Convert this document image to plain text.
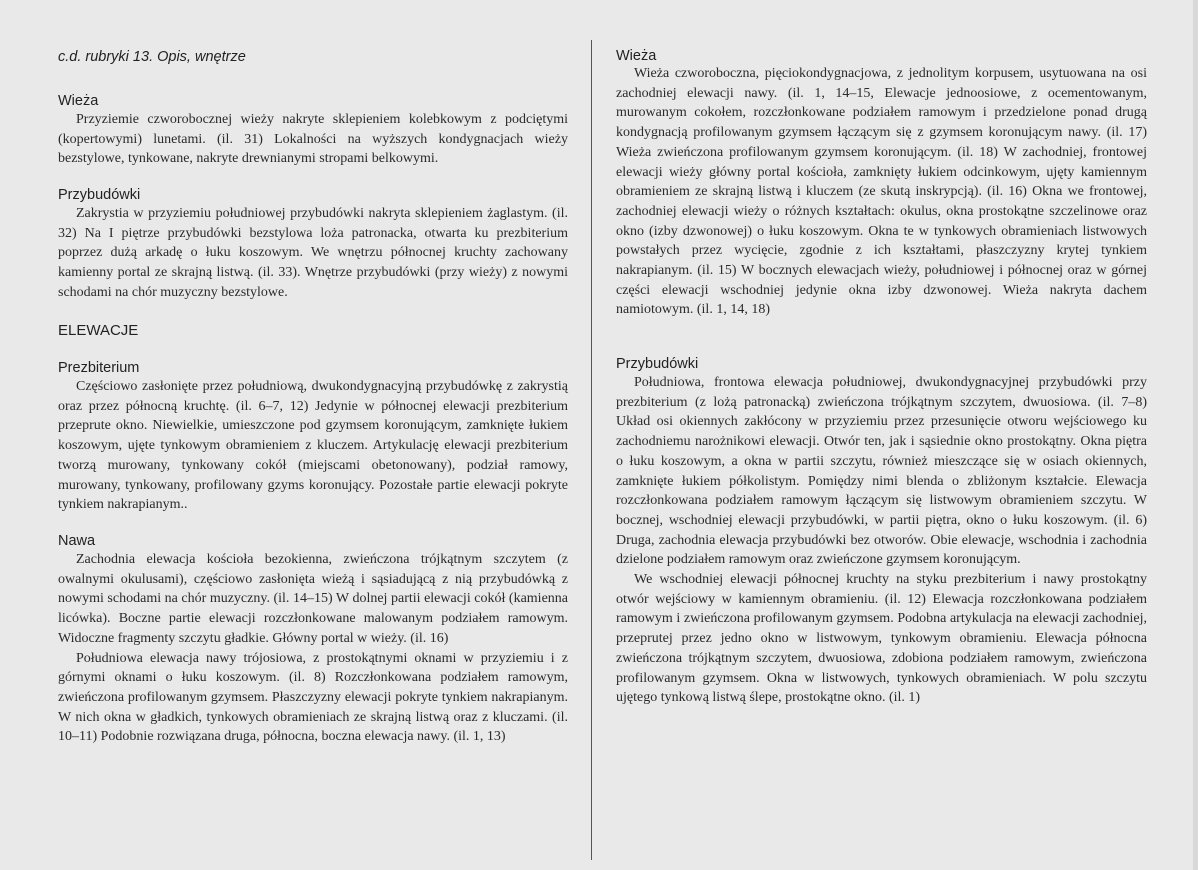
c.d. rubryki 13. Opis, wnętrze

Wieża

Przyziemie czworobocznej wieży nakryte sklepieniem kolebkowym z podciętymi (kopertowymi) lunetami. (il. 31) Lokalności na wyższych kondygnacjach wieży bezstylowe, tynkowane, nakryte drewnianymi stropami belkowymi.

Przybudówki

Zakrystia w przyziemiu południowej przybudówki nakryta sklepieniem żaglastym. (il. 32) Na I piętrze przybudówki bezstylowa loża patronacka, otwarta ku prezbiterium poprzez dużą arkadę o łuku koszowym. We wnętrzu północnej kruchty zachowany kamienny portal ze skrajną listwą. (il. 33). Wnętrze przybudówki (przy wieży) z nowymi schodami na chór muzyczny bezstylowe.

ELEWACJE
Prezbiterium

Częściowo zasłonięte przez południową, dwukondygnacyjną przybudówkę z zakrystią oraz przez północną kruchtę. (il. 6–7, 12) Jedynie w północnej elewacji prezbiterium przeprute okno. Niewielkie, umieszczone pod gzymsem koronującym, zamknięte łukiem koszowym, ujęte tynkowym obramieniem z kluczem. Artykulację elewacji prezbiterium tworzą murowany, tynkowany cokół (miejscami obetonowany), podział ramowy, murowany, tynkowany, profilowany gzyms koronujący. Pozostałe partie elewacji pokryte tynkiem nakrapianym..

Nawa

Zachodnia elewacja kościoła bezokienna, zwieńczona trójkątnym szczytem (z owalnymi okulusami), częściowo zasłonięta wieżą i sąsiadującą z nią przybudówką z nowymi schodami na chór muzyczny. (il. 14–15) W dolnej partii elewacji cokół (kamienna licówka). Boczne partie elewacji rozczłonkowane malowanym podziałem ramowym. Widoczne fragmenty szczytu gładkie. Główny portal w wieży. (il. 16)

Południowa elewacja nawy trójosiowa, z prostokątnymi oknami w przyziemiu i z górnymi oknami o łuku koszowym. (il. 8) Rozczłonkowana podziałem ramowym, zwieńczona profilowanym gzymsem. Płaszczyzny elewacji pokryte tynkiem nakrapianym. W nich okna w gładkich, tynkowych obramieniach ze skrajną listwą oraz z kluczami. (il. 10–11) Podobnie rozwiązana druga, północna, boczna elewacja nawy. (il. 1, 13)

Wieża

Wieża czworoboczna, pięciokondygnacjowa, z jednolitym korpusem, usytuowana na osi zachodniej elewacji nawy. (il. 1, 14–15, Elewacje jednoosiowe, z ocementowanym, murowanym cokołem, rozczłonkowane podziałem ramowym i przedzielone ponad drugą kondygnacją profilowanym gzymsem łączącym się z gzymsem koronującym nawy. (il. 17) Wieża zwieńczona profilowanym gzymsem koronującym. (il. 18) W zachodniej, frontowej elewacji wieży główny portal kościoła, zamknięty łukiem odcinkowym, ujęty kamiennym obramieniem ze skrajną listwą i kluczem (ze skutą inskrypcją). (il. 16) Okna we frontowej, zachodniej elewacji wieży o różnych kształtach: okulus, okna prostokątne szczelinowe oraz okno (izby dzwonowej) o łuku koszowym. Okna te w tynkowych obramieniach listwowych powstałych przez wycięcie, zgodnie z ich kształtami, płaszczyzny krytej tynkiem nakrapianym. (il. 15) W bocznych elewacjach wieży, południowej i północnej oraz w górnej części elewacji wschodniej jedynie okna izby dzwonowej. Wieża nakryta dachem namiotowym. (il. 1, 14, 18)

Przybudówki

Południowa, frontowa elewacja południowej, dwukondygnacyjnej przybudówki przy prezbiterium (z lożą patronacką) zwieńczona trójkątnym szczytem, dwuosiowa. (il. 7–8) Układ osi okiennych zakłócony w przyziemiu przez przesunięcie otworu wejściowego ku zachodniemu narożnikowi elewacji. Otwór ten, jak i sąsiednie okno prostokątny. Okna piętra o łuku koszowym, a okna w partii szczytu, również mieszczące się w osiach okiennych, zamknięte łukiem półkolistym. Pomiędzy nimi blenda o zbliżonym kształcie. Elewacja rozczłonkowana podziałem ramowym łączącym się listwowym obramieniem szczytu. W bocznej, wschodniej elewacji przybudówki, w partii piętra, okno o łuku koszowym. (il. 6) Druga, zachodnia elewacja przybudówki bez otworów. Obie elewacje, wschodnia i zachodnia dzielone podziałem ramowym oraz zwieńczone gzymsem koronującym.

We wschodniej elewacji północnej kruchty na styku prezbiterium i nawy prostokątny otwór wejściowy w kamiennym obramieniu. (il. 12) Elewacja rozczłonkowana podziałem ramowym i zwieńczona profilowanym gzymsem. Podobna artykulacja na elewacji zachodniej, przeprutej przez jedno okno w listwowym, tynkowym obramieniu. Elewacja północna zwieńczona trójkątnym szczytem, dwuosiowa, zdobiona podziałem ramowym, zwieńczona profilowanym gzymsem. Okna w listwowych, tynkowych obramieniach. W polu szczytu ujętego tynkową listwą ślepe, prostokątne okno. (il. 1)
